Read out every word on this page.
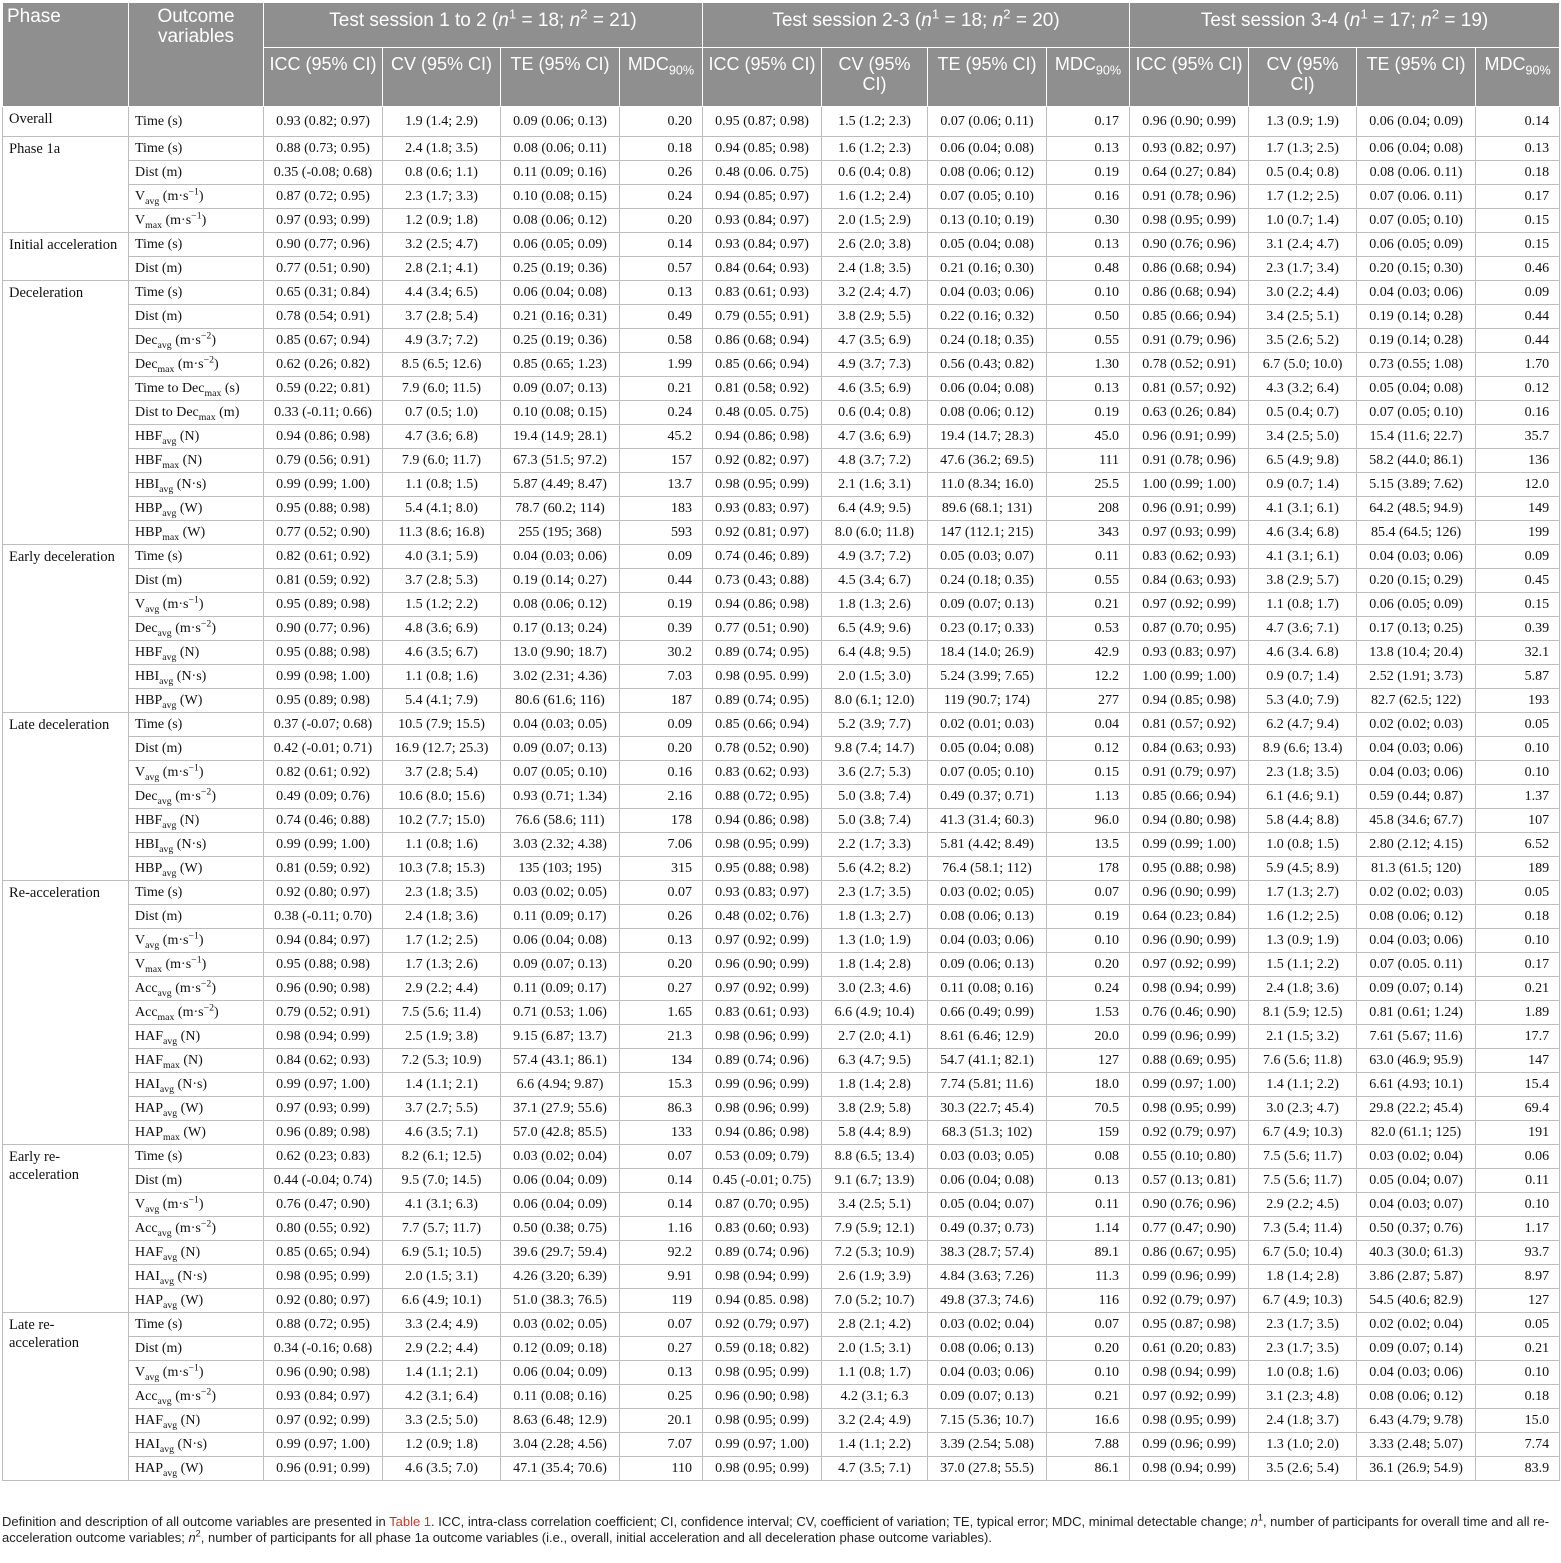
Phase	Outcome variables	Test session 1 to 2 ($n^1 = 18$; $n^2 = 21$)				Test session 2-3 ($n^1 = 18$; $n^2 = 20$)				Test session 3-4 ($n^1 = 17$; $n^2 = 19$)			
		ICC (95% CI)	CV (95% CI)	TE (95% CI)	$MDC_{90\%}$	ICC (95% CI)	CV (95% CI)	TE (95% CI)	$MDC_{90\%}$	ICC (95% CI)	CV (95% CI)	TE (95% CI)	$MDC_{90\%}$
Overall	Time (s)	0.93 (0.82; 0.97)	1.9 (1.4; 2.9)	0.09 (0.06; 0.13)	0.20	0.95 (0.87; 0.98)	1.5 (1.2; 2.3)	0.07 (0.06; 0.11)	0.17	0.96 (0.90; 0.99)	1.3 (0.9; 1.9)	0.06 (0.04; 0.09)	0.14
Phase 1a	Time (s)	0.88 (0.73; 0.95)	2.4 (1.8; 3.5)	0.08 (0.06; 0.11)	0.18	0.94 (0.85; 0.98)	1.6 (1.2; 2.3)	0.06 (0.04; 0.08)	0.13	0.93 (0.82; 0.97)	1.7 (1.3; 2.5)	0.06 (0.04; 0.08)	0.13
	Dist (m)	0.35 (-0.08; 0.68)	0.8 (0.6; 1.1)	0.11 (0.09; 0.16)	0.26	0.48 (0.06. 0.75)	0.6 (0.4; 0.8)	0.08 (0.06; 0.12)	0.19	0.64 (0.27; 0.84)	0.5 (0.4; 0.8)	0.08 (0.06. 0.11)	0.18
	$V_{avg}$ $(m\cdot s^{-1})$	0.87 (0.72; 0.95)	2.3 (1.7; 3.3)	0.10 (0.08; 0.15)	0.24	0.94 (0.85; 0.97)	1.6 (1.2; 2.4)	0.07 (0.05; 0.10)	0.16	0.91 (0.78; 0.96)	1.7 (1.2; 2.5)	0.07 (0.06. 0.11)	0.17
	$V_{max}$ $(m\cdot s^{-1})$	0.97 (0.93; 0.99)	1.2 (0.9; 1.8)	0.08 (0.06; 0.12)	0.20	0.93 (0.84; 0.97)	2.0 (1.5; 2.9)	0.13 (0.10; 0.19)	0.30	0.98 (0.95; 0.99)	1.0 (0.7; 1.4)	0.07 (0.05; 0.10)	0.15
Initial acceleration	Time (s)	0.90 (0.77; 0.96)	3.2 (2.5; 4.7)	0.06 (0.05; 0.09)	0.14	0.93 (0.84; 0.97)	2.6 (2.0; 3.8)	0.05 (0.04; 0.08)	0.13	0.90 (0.76; 0.96)	3.1 (2.4; 4.7)	0.06 (0.05; 0.09)	0.15
	Dist (m)	0.77 (0.51; 0.90)	2.8 (2.1; 4.1)	0.25 (0.19; 0.36)	0.57	0.84 (0.64; 0.93)	2.4 (1.8; 3.5)	0.21 (0.16; 0.30)	0.48	0.86 (0.68; 0.94)	2.3 (1.7; 3.4)	0.20 (0.15; 0.30)	0.46
Deceleration	Time (s)	0.65 (0.31; 0.84)	4.4 (3.4; 6.5)	0.06 (0.04; 0.08)	0.13	0.83 (0.61; 0.93)	3.2 (2.4; 4.7)	0.04 (0.03; 0.06)	0.10	0.86 (0.68; 0.94)	3.0 (2.2; 4.4)	0.04 (0.03; 0.06)	0.09
	Dist (m)	0.78 (0.54; 0.91)	3.7 (2.8; 5.4)	0.21 (0.16; 0.31)	0.49	0.79 (0.55; 0.91)	3.8 (2.9; 5.5)	0.22 (0.16; 0.32)	0.50	0.85 (0.66; 0.94)	3.4 (2.5; 5.1)	0.19 (0.14; 0.28)	0.44
	Dec$_{avg}$ $(m\cdot s^{-2})$	0.85 (0.67; 0.94)	4.9 (3.7; 7.2)	0.25 (0.19; 0.36)	0.58	0.86 (0.68; 0.94)	4.7 (3.5; 6.9)	0.24 (0.18; 0.35)	0.55	0.91 (0.79; 0.96)	3.5 (2.6; 5.2)	0.19 (0.14; 0.28)	0.44
	Dec$_{max}$ $(m\cdot s^{-2})$	0.62 (0.26; 0.82)	8.5 (6.5; 12.6)	0.85 (0.65; 1.23)	1.99	0.85 (0.66; 0.94)	4.9 (3.7; 7.3)	0.56 (0.43; 0.82)	1.30	0.78 (0.52; 0.91)	6.7 (5.0; 10.0)	0.73 (0.55; 1.08)	1.70
	Time to Dec$_{max}$ (s)	0.59 (0.22; 0.81)	7.9 (6.0; 11.5)	0.09 (0.07; 0.13)	0.21	0.81 (0.58; 0.92)	4.6 (3.5; 6.9)	0.06 (0.04; 0.08)	0.13	0.81 (0.57; 0.92)	4.3 (3.2; 6.4)	0.05 (0.04; 0.08)	0.12
	Dist to Dec$_{max}$ (m)	0.33 (-0.11; 0.66)	0.7 (0.5; 1.0)	0.10 (0.08; 0.15)	0.24	0.48 (0.05. 0.75)	0.6 (0.4; 0.8)	0.08 (0.06; 0.12)	0.19	0.63 (0.26; 0.84)	0.5 (0.4; 0.7)	0.07 (0.05; 0.10)	0.16
	$HBF_{avg}$ (N)	0.94 (0.86; 0.98)	4.7 (3.6; 6.8)	19.4 (14.9; 28.1)	45.2	0.94 (0.86; 0.98)	4.7 (3.6; 6.9)	19.4 (14.7; 28.3)	45.0	0.96 (0.91; 0.99)	3.4 (2.5; 5.0)	15.4 (11.6; 22.7)	35.7
	$HBF_{max}$ (N)	0.79 (0.56; 0.91)	7.9 (6.0; 11.7)	67.3 (51.5; 97.2)	157	0.92 (0.82; 0.97)	4.8 (3.7; 7.2)	47.6 (36.2; 69.5)	111	0.91 (0.78; 0.96)	6.5 (4.9; 9.8)	58.2 (44.0; 86.1)	136
	$HBI_{avg}$ (N·s)	0.99 (0.99; 1.00)	1.1 (0.8; 1.5)	5.87 (4.49; 8.47)	13.7	0.98 (0.95; 0.99)	2.1 (1.6; 3.1)	11.0 (8.34; 16.0)	25.5	1.00 (0.99; 1.00)	0.9 (0.7; 1.4)	5.15 (3.89; 7.62)	12.0
	$HBP_{avg}$ (W)	0.95 (0.88; 0.98)	5.4 (4.1; 8.0)	78.7 (60.2; 114)	183	0.93 (0.83; 0.97)	6.4 (4.9; 9.5)	89.6 (68.1; 131)	208	0.96 (0.91; 0.99)	4.1 (3.1; 6.1)	64.2 (48.5; 94.9)	149
	$HBP_{max}$ (W)	0.77 (0.52; 0.90)	11.3 (8.6; 16.8)	255 (195; 368)	593	0.92 (0.81; 0.97)	8.0 (6.0; 11.8)	147 (112.1; 215)	343	0.97 (0.93; 0.99)	4.6 (3.4; 6.8)	85.4 (64.5; 126)	199
Early deceleration	Time (s)	0.82 (0.61; 0.92)	4.0 (3.1; 5.9)	0.04 (0.03; 0.06)	0.09	0.74 (0.46; 0.89)	4.9 (3.7; 7.2)	0.05 (0.03; 0.07)	0.11	0.83 (0.62; 0.93)	4.1 (3.1; 6.1)	0.04 (0.03; 0.06)	0.09
	Dist (m)	0.81 (0.59; 0.92)	3.7 (2.8; 5.3)	0.19 (0.14; 0.27)	0.44	0.73 (0.43; 0.88)	4.5 (3.4; 6.7)	0.24 (0.18; 0.35)	0.55	0.84 (0.63; 0.93)	3.8 (2.9; 5.7)	0.20 (0.15; 0.29)	0.45
	$V_{avg}$ $(m\cdot s^{-1})$	0.95 (0.89; 0.98)	1.5 (1.2; 2.2)	0.08 (0.06; 0.12)	0.19	0.94 (0.86; 0.98)	1.8 (1.3; 2.6)	0.09 (0.07; 0.13)	0.21	0.97 (0.92; 0.99)	1.1 (0.8; 1.7)	0.06 (0.05; 0.09)	0.15
	Dec$_{avg}$ $(m\cdot s^{-2})$	0.90 (0.77; 0.96)	4.8 (3.6; 6.9)	0.17 (0.13; 0.24)	0.39	0.77 (0.51; 0.90)	6.5 (4.9; 9.6)	0.23 (0.17; 0.33)	0.53	0.87 (0.70; 0.95)	4.7 (3.6; 7.1)	0.17 (0.13; 0.25)	0.39
	$HBF_{avg}$ (N)	0.95 (0.88; 0.98)	4.6 (3.5; 6.7)	13.0 (9.90; 18.7)	30.2	0.89 (0.74; 0.95)	6.4 (4.8; 9.5)	18.4 (14.0; 26.9)	42.9	0.93 (0.83; 0.97)	4.6 (3.4. 6.8)	13.8 (10.4; 20.4)	32.1
	$HBI_{avg}$ (N·s)	0.99 (0.98; 1.00)	1.1 (0.8; 1.6)	3.02 (2.31; 4.36)	7.03	0.98 (0.95. 0.99)	2.0 (1.5; 3.0)	5.24 (3.99; 7.65)	12.2	1.00 (0.99; 1.00)	0.9 (0.7; 1.4)	2.52 (1.91; 3.73)	5.87
	$HBP_{avg}$ (W)	0.95 (0.89; 0.98)	5.4 (4.1; 7.9)	80.6 (61.6; 116)	187	0.89 (0.74; 0.95)	8.0 (6.1; 12.0)	119 (90.7; 174)	277	0.94 (0.85; 0.98)	5.3 (4.0; 7.9)	82.7 (62.5; 122)	193
Late deceleration	Time (s)	0.37 (-0.07; 0.68)	10.5 (7.9; 15.5)	0.04 (0.03; 0.05)	0.09	0.85 (0.66; 0.94)	5.2 (3.9; 7.7)	0.02 (0.01; 0.03)	0.04	0.81 (0.57; 0.92)	6.2 (4.7; 9.4)	0.02 (0.02; 0.03)	0.05
	Dist (m)	0.42 (-0.01; 0.71)	16.9 (12.7; 25.3)	0.09 (0.07; 0.13)	0.20	0.78 (0.52; 0.90)	9.8 (7.4; 14.7)	0.05 (0.04; 0.08)	0.12	0.84 (0.63; 0.93)	8.9 (6.6; 13.4)	0.04 (0.03; 0.06)	0.10
	$V_{avg}$ $(m\cdot s^{-1})$	0.82 (0.61; 0.92)	3.7 (2.8; 5.4)	0.07 (0.05; 0.10)	0.16	0.83 (0.62; 0.93)	3.6 (2.7; 5.3)	0.07 (0.05; 0.10)	0.15	0.91 (0.79; 0.97)	2.3 (1.8; 3.5)	0.04 (0.03; 0.06)	0.10
	Dec$_{avg}$ $(m\cdot s^{-2})$	0.49 (0.09; 0.76)	10.6 (8.0; 15.6)	0.93 (0.71; 1.34)	2.16	0.88 (0.72; 0.95)	5.0 (3.8; 7.4)	0.49 (0.37; 0.71)	1.13	0.85 (0.66; 0.94)	6.1 (4.6; 9.1)	0.59 (0.44; 0.87)	1.37
	$HBF_{avg}$ (N)	0.74 (0.46; 0.88)	10.2 (7.7; 15.0)	76.6 (58.6; 111)	178	0.94 (0.86; 0.98)	5.0 (3.8; 7.4)	41.3 (31.4; 60.3)	96.0	0.94 (0.80; 0.98)	5.8 (4.4; 8.8)	45.8 (34.6; 67.7)	107
	$HBI_{avg}$ (N·s)	0.99 (0.99; 1.00)	1.1 (0.8; 1.6)	3.03 (2.32; 4.38)	7.06	0.98 (0.95; 0.99)	2.2 (1.7; 3.3)	5.81 (4.42; 8.49)	13.5	0.99 (0.99; 1.00)	1.0 (0.8; 1.5)	2.80 (2.12; 4.15)	6.52
	$HBP_{avg}$ (W)	0.81 (0.59; 0.92)	10.3 (7.8; 15.3)	135 (103; 195)	315	0.95 (0.88; 0.98)	5.6 (4.2; 8.2)	76.4 (58.1; 112)	178	0.95 (0.88; 0.98)	5.9 (4.5; 8.9)	81.3 (61.5; 120)	189
Re-acceleration	Time (s)	0.92 (0.80; 0.97)	2.3 (1.8; 3.5)	0.03 (0.02; 0.05)	0.07	0.93 (0.83; 0.97)	2.3 (1.7; 3.5)	0.03 (0.02; 0.05)	0.07	0.96 (0.90; 0.99)	1.7 (1.3; 2.7)	0.02 (0.02; 0.03)	0.05
	Dist (m)	0.38 (-0.11; 0.70)	2.4 (1.8; 3.6)	0.11 (0.09; 0.17)	0.26	0.48 (0.02; 0.76)	1.8 (1.3; 2.7)	0.08 (0.06; 0.13)	0.19	0.64 (0.23; 0.84)	1.6 (1.2; 2.5)	0.08 (0.06; 0.12)	0.18
	$V_{avg}$ $(m\cdot s^{-1})$	0.94 (0.84; 0.97)	1.7 (1.2; 2.5)	0.06 (0.04; 0.08)	0.13	0.97 (0.92; 0.99)	1.3 (1.0; 1.9)	0.04 (0.03; 0.06)	0.10	0.96 (0.90; 0.99)	1.3 (0.9; 1.9)	0.04 (0.03; 0.06)	0.10
	$V_{max}$ $(m\cdot s^{-1})$	0.95 (0.88; 0.98)	1.7 (1.3; 2.6)	0.09 (0.07; 0.13)	0.20	0.96 (0.90; 0.99)	1.8 (1.4; 2.8)	0.09 (0.06; 0.13)	0.20	0.97 (0.92; 0.99)	1.5 (1.1; 2.2)	0.07 (0.05. 0.11)	0.17
	Acc$_{avg}$ $(m\cdot s^{-2})$	0.96 (0.90; 0.98)	2.9 (2.2; 4.4)	0.11 (0.09; 0.17)	0.27	0.97 (0.92; 0.99)	3.0 (2.3; 4.6)	0.11 (0.08; 0.16)	0.24	0.98 (0.94; 0.99)	2.4 (1.8; 3.6)	0.09 (0.07; 0.14)	0.21
	Acc$_{max}$ $(m\cdot s^{-2})$	0.79 (0.52; 0.91)	7.5 (5.6; 11.4)	0.71 (0.53; 1.06)	1.65	0.83 (0.61; 0.93)	6.6 (4.9; 10.4)	0.66 (0.49; 0.99)	1.53	0.76 (0.46; 0.90)	8.1 (5.9; 12.5)	0.81 (0.61; 1.24)	1.89
	$HAF_{avg}$ (N)	0.98 (0.94; 0.99)	2.5 (1.9; 3.8)	9.15 (6.87; 13.7)	21.3	0.98 (0.96; 0.99)	2.7 (2.0; 4.1)	8.61 (6.46; 12.9)	20.0	0.99 (0.96; 0.99)	2.1 (1.5; 3.2)	7.61 (5.67; 11.6)	17.7
	$HAF_{max}$ (N)	0.84 (0.62; 0.93)	7.2 (5.3; 10.9)	57.4 (43.1; 86.1)	134	0.89 (0.74; 0.96)	6.3 (4.7; 9.5)	54.7 (41.1; 82.1)	127	0.88 (0.69; 0.95)	7.6 (5.6; 11.8)	63.0 (46.9; 95.9)	147
	$HAI_{avg}$ (N·s)	0.99 (0.97; 1.00)	1.4 (1.1; 2.1)	6.6 (4.94; 9.87)	15.3	0.99 (0.96; 0.99)	1.8 (1.4; 2.8)	7.74 (5.81; 11.6)	18.0	0.99 (0.97; 1.00)	1.4 (1.1; 2.2)	6.61 (4.93; 10.1)	15.4
	$HAP_{avg}$ (W)	0.97 (0.93; 0.99)	3.7 (2.7; 5.5)	37.1 (27.9; 55.6)	86.3	0.98 (0.96; 0.99)	3.8 (2.9; 5.8)	30.3 (22.7; 45.4)	70.5	0.98 (0.95; 0.99)	3.0 (2.3; 4.7)	29.8 (22.2; 45.4)	69.4
	$HAP_{max}$ (W)	0.96 (0.89; 0.98)	4.6 (3.5; 7.1)	57.0 (42.8; 85.5)	133	0.94 (0.86; 0.98)	5.8 (4.4; 8.9)	68.3 (51.3; 102)	159	0.92 (0.79; 0.97)	6.7 (4.9; 10.3)	82.0 (61.1; 125)	191
Early re-acceleration	Time (s)	0.62 (0.23; 0.83)	8.2 (6.1; 12.5)	0.03 (0.02; 0.04)	0.07	0.53 (0.09; 0.79)	8.8 (6.5; 13.4)	0.03 (0.03; 0.05)	0.08	0.55 (0.10; 0.80)	7.5 (5.6; 11.7)	0.03 (0.02; 0.04)	0.06
	Dist (m)	0.44 (-0.04; 0.74)	9.5 (7.0; 14.5)	0.06 (0.04; 0.09)	0.14	0.45 (-0.01; 0.75)	9.1 (6.7; 13.9)	0.06 (0.04; 0.08)	0.13	0.57 (0.13; 0.81)	7.5 (5.6; 11.7)	0.05 (0.04; 0.07)	0.11
	$V_{avg}$ $(m\cdot s^{-1})$	0.76 (0.47; 0.90)	4.1 (3.1; 6.3)	0.06 (0.04; 0.09)	0.14	0.87 (0.70; 0.95)	3.4 (2.5; 5.1)	0.05 (0.04; 0.07)	0.11	0.90 (0.76; 0.96)	2.9 (2.2; 4.5)	0.04 (0.03; 0.07)	0.10
	Acc$_{avg}$ $(m\cdot s^{-2})$	0.80 (0.55; 0.92)	7.7 (5.7; 11.7)	0.50 (0.38; 0.75)	1.16	0.83 (0.60; 0.93)	7.9 (5.9; 12.1)	0.49 (0.37; 0.73)	1.14	0.77 (0.47; 0.90)	7.3 (5.4; 11.4)	0.50 (0.37; 0.76)	1.17
	$HAF_{avg}$ (N)	0.85 (0.65; 0.94)	6.9 (5.1; 10.5)	39.6 (29.7; 59.4)	92.2	0.89 (0.74; 0.96)	7.2 (5.3; 10.9)	38.3 (28.7; 57.4)	89.1	0.86 (0.67; 0.95)	6.7 (5.0; 10.4)	40.3 (30.0; 61.3)	93.7
	$HAI_{avg}$ (N·s)	0.98 (0.95; 0.99)	2.0 (1.5; 3.1)	4.26 (3.20; 6.39)	9.91	0.98 (0.94; 0.99)	2.6 (1.9; 3.9)	4.84 (3.63; 7.26)	11.3	0.99 (0.96; 0.99)	1.8 (1.4; 2.8)	3.86 (2.87; 5.87)	8.97
	$HAP_{avg}$ (W)	0.92 (0.80; 0.97)	6.6 (4.9; 10.1)	51.0 (38.3; 76.5)	119	0.94 (0.85. 0.98)	7.0 (5.2; 10.7)	49.8 (37.3; 74.6)	116	0.92 (0.79; 0.97)	6.7 (4.9; 10.3)	54.5 (40.6; 82.9)	127
Late re-acceleration	Time (s)	0.88 (0.72; 0.95)	3.3 (2.4; 4.9)	0.03 (0.02; 0.05)	0.07	0.92 (0.79; 0.97)	2.8 (2.1; 4.2)	0.03 (0.02; 0.04)	0.07	0.95 (0.87; 0.98)	2.3 (1.7; 3.5)	0.02 (0.02; 0.04)	0.05
	Dist (m)	0.34 (-0.16; 0.68)	2.9 (2.2; 4.4)	0.12 (0.09; 0.18)	0.27	0.59 (0.18; 0.82)	2.0 (1.5; 3.1)	0.08 (0.06; 0.13)	0.20	0.61 (0.20; 0.83)	2.3 (1.7; 3.5)	0.09 (0.07; 0.14)	0.21
	$V_{avg}$ $(m\cdot s^{-1})$	0.96 (0.90; 0.98)	1.4 (1.1; 2.1)	0.06 (0.04; 0.09)	0.13	0.98 (0.95; 0.99)	1.1 (0.8; 1.7)	0.04 (0.03; 0.06)	0.10	0.98 (0.94; 0.99)	1.0 (0.8; 1.6)	0.04 (0.03; 0.06)	0.10
	Acc$_{avg}$ $(m\cdot s^{-2})$	0.93 (0.84; 0.97)	4.2 (3.1; 6.4)	0.11 (0.08; 0.16)	0.25	0.96 (0.90; 0.98)	4.2 (3.1; 6.3	0.09 (0.07; 0.13)	0.21	0.97 (0.92; 0.99)	3.1 (2.3; 4.8)	0.08 (0.06; 0.12)	0.18
	$HAF_{avg}$ (N)	0.97 (0.92; 0.99)	3.3 (2.5; 5.0)	8.63 (6.48; 12.9)	20.1	0.98 (0.95; 0.99)	3.2 (2.4; 4.9)	7.15 (5.36; 10.7)	16.6	0.98 (0.95; 0.99)	2.4 (1.8; 3.7)	6.43 (4.79; 9.78)	15.0
	$HAI_{avg}$ (N·s)	0.99 (0.97; 1.00)	1.2 (0.9; 1.8)	3.04 (2.28; 4.56)	7.07	0.99 (0.97; 1.00)	1.4 (1.1; 2.2)	3.39 (2.54; 5.08)	7.88	0.99 (0.96; 0.99)	1.3 (1.0; 2.0)	3.33 (2.48; 5.07)	7.74
	$HAP_{avg}$ (W)	0.96 (0.91; 0.99)	4.6 (3.5; 7.0)	47.1 (35.4; 70.6)	110	0.98 (0.95; 0.99)	4.7 (3.5; 7.1)	37.0 (27.8; 55.5)	86.1	0.98 (0.94; 0.99)	3.5 (2.6; 5.4)	36.1 (26.9; 54.9)	83.9
Definition and description of all outcome variables are presented in Table 1. ICC, intra-class correlation coefficient; CI, confidence interval; CV, coefficient of variation; TE, typical error; MDC, minimal detectable change; $n^1$, number of participants for overall time and all re-acceleration outcome variables; $n^2$, number of participants for all phase 1a outcome variables (i.e., overall, initial acceleration and all deceleration phase outcome variables).
